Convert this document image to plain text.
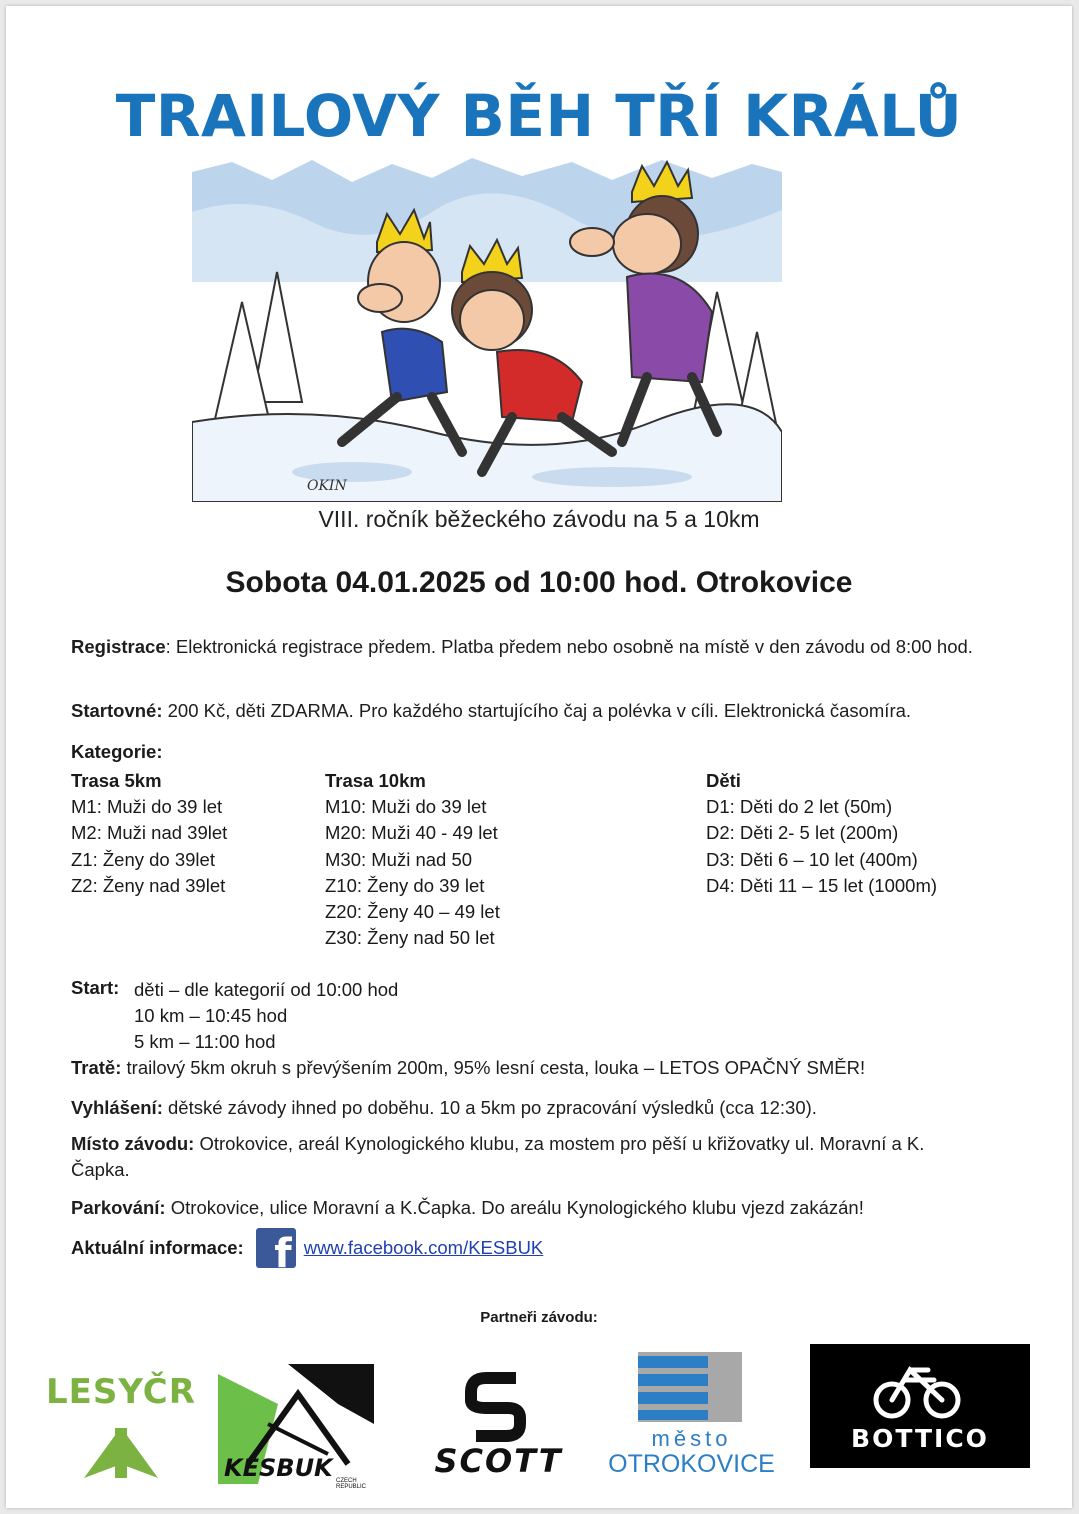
TRAILOVÝ BĚH TŘÍ KRÁLŮ
OKIN
VIII. ročník běžeckého závodu na 5 a 10km
Sobota 04.01.2025 od 10:00 hod. Otrokovice
Registrace: Elektronická registrace předem. Platba předem nebo osobně na místě v den závodu od 8:00 hod.
Startovné: 200 Kč, děti ZDARMA. Pro každého startujícího čaj a polévka v cíli. Elektronická časomíra.
Kategorie:
Trasa 5km
M1: Muži do 39 let
M2: Muži nad 39let
Z1: Ženy do 39let
Z2: Ženy nad 39let
Trasa 10km
M10: Muži do 39 let
M20: Muži 40 - 49 let
M30: Muži nad 50
Z10: Ženy do 39 let
Z20: Ženy 40 – 49 let
Z30: Ženy nad 50 let
Děti
D1: Děti do 2 let (50m)
D2: Děti 2- 5 let (200m)
D3: Děti 6 – 10 let (400m)
D4: Děti 11 – 15 let (1000m)
Start: děti – dle kategorií od 10:00 hod
10 km – 10:45 hod
5 km – 11:00 hod
Tratě: trailový 5km okruh s převýšením 200m, 95% lesní cesta, louka – LETOS OPAČNÝ SMĚR!
Vyhlášení: dětské závody ihned po doběhu. 10 a 5km po zpracování výsledků (cca 12:30).
Místo závodu: Otrokovice, areál Kynologického klubu, za mostem pro pěší u křižovatky ul. Moravní a K. Čapka.
Parkování: Otrokovice, ulice Moravní a K.Čapka. Do areálu Kynologického klubu vjezd zakázán!
Aktuální informace: f www.facebook.com/KESBUK
Partneři závodu:
LESYČR
KESBUK CZECH REPUBLIC
SCOTT
město
OTROKOVICE
BOTTICO
